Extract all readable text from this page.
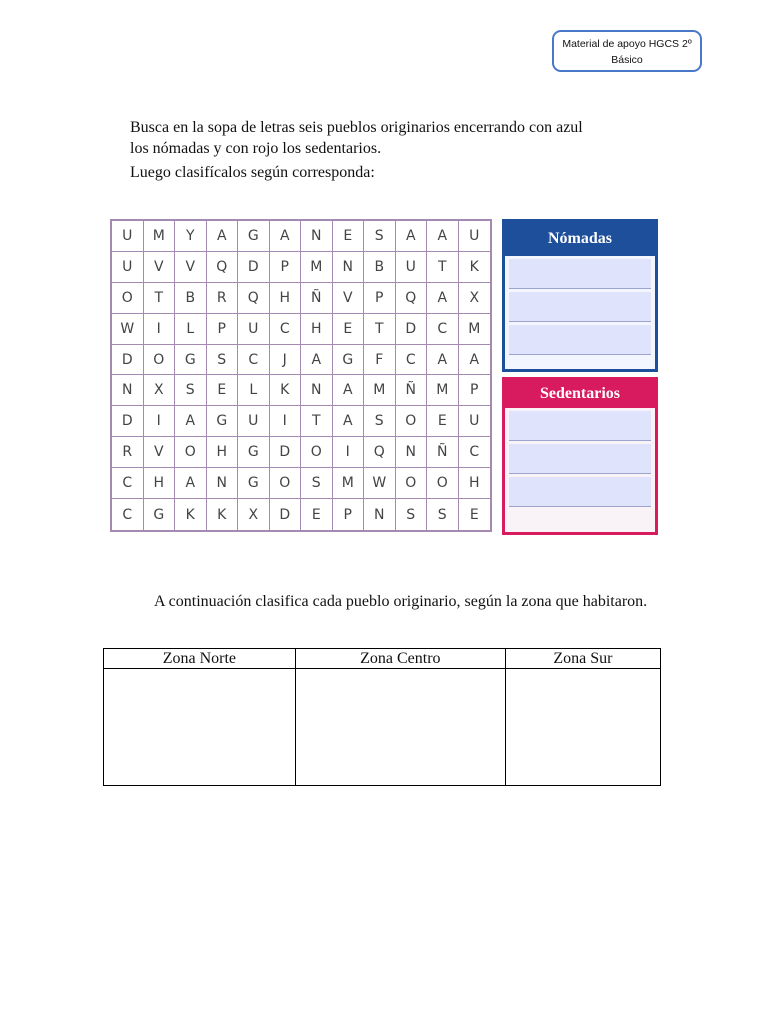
Material de apoyo HGCS 2º
Básico

Busca en la sopa de letras seis pueblos originarios encerrando con azul

los nómadas y con rojo los sedentarios.

Luego clasifícalos según corresponda:

U	M	Y	A	G	A	N	E	S	A	A	U
U	V	V	Q	D	P	M	N	B	U	T	K
O	T	B	R	Q	H	Ñ	V	P	Q	A	X
W	I	L	P	U	C	H	E	T	D	C	M
D	O	G	S	C	J	A	G	F	C	A	A
N	X	S	E	L	K	N	A	M	Ñ	M	P
D	I	A	G	U	I	T	A	S	O	E	U
R	V	O	H	G	D	O	I	Q	N	Ñ	C
C	H	A	N	G	O	S	M	W	O	O	H
C	G	K	K	X	D	E	P	N	S	S	E
Nómadas
Sedentarios

A continuación clasifica cada pueblo originario, según la zona que habitaron.

Zona Norte	Zona Centro	Zona Sur
